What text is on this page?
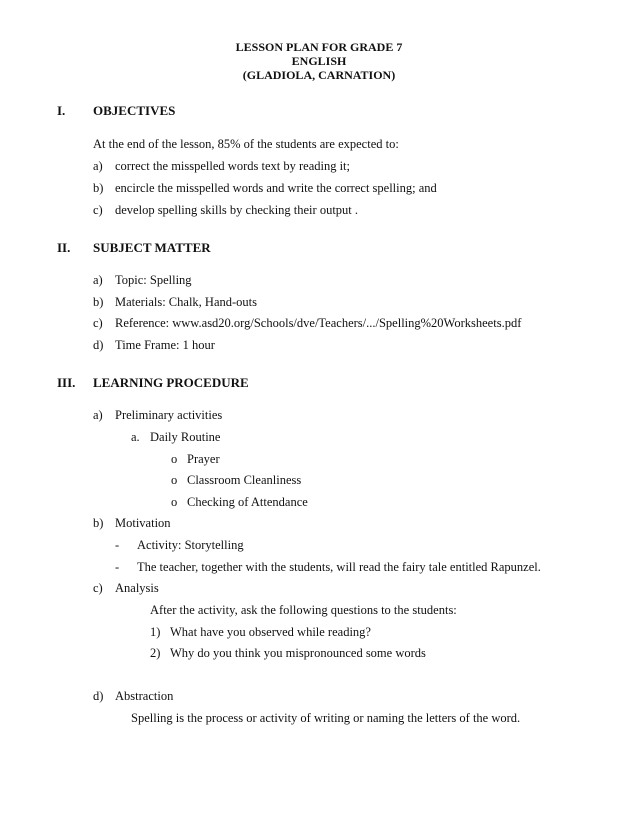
LESSON PLAN FOR GRADE 7
ENGLISH
(GLADIOLA, CARNATION)
I. OBJECTIVES
At the end of the lesson, 85% of the students are expected to:
a) correct the misspelled words text by reading it;
b) encircle the misspelled words and write the correct spelling; and
c) develop spelling skills by checking their output .
II. SUBJECT MATTER
a) Topic: Spelling
b) Materials: Chalk, Hand-outs
c) Reference: www.asd20.org/Schools/dve/Teachers/.../Spelling%20Worksheets.pdf
d) Time Frame: 1 hour
III. LEARNING PROCEDURE
a) Preliminary activities
a. Daily Routine
o Prayer
o Classroom Cleanliness
o Checking of Attendance
b) Motivation
- Activity: Storytelling
- The teacher, together with the students, will read the fairy tale entitled Rapunzel.
c) Analysis
After the activity, ask the following questions to the students:
1) What have you observed while reading?
2) Why do you think you mispronounced some words
d) Abstraction
Spelling is the process or activity of writing or naming the letters of the word.
